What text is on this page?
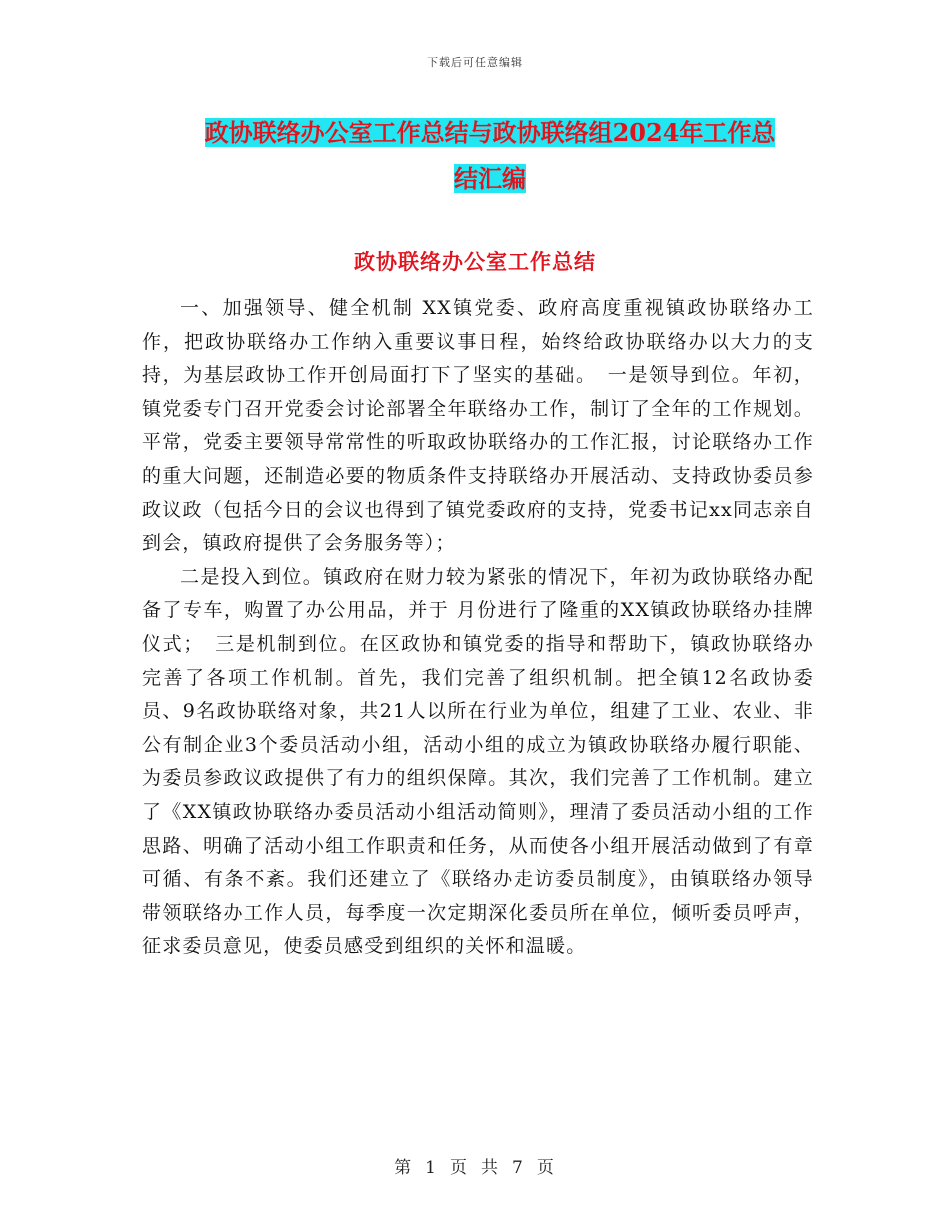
下载后可任意编辑
政协联络办公室工作总结与政协联络组2024年工作总
结汇编
政协联络办公室工作总结

一、加强领导、健全机制 XX镇党委、政府高度重视镇政协联络办工作，把政协联络办工作纳入重要议事日程，始终给政协联络办以大力的支持，为基层政协工作开创局面打下了坚实的基础。　一是领导到位。年初，镇党委专门召开党委会讨论部署全年联络办工作，制订了全年的工作规划。平常，党委主要领导常常性的听取政协联络办的工作汇报，讨论联络办工作的重大问题，还制造必要的物质条件支持联络办开展活动、支持政协委员参政议政（包括今日的会议也得到了镇党委政府的支持，党委书记xx同志亲自到会，镇政府提供了会务服务等）；

二是投入到位。镇政府在财力较为紧张的情况下，年初为政协联络办配备了专车，购置了办公用品，并于 月份进行了隆重的XX镇政协联络办挂牌仪式；　三是机制到位。在区政协和镇党委的指导和帮助下，镇政协联络办完善了各项工作机制。首先，我们完善了组织机制。把全镇12名政协委员、9名政协联络对象，共21人以所在行业为单位，组建了工业、农业、非公有制企业3个委员活动小组，活动小组的成立为镇政协联络办履行职能、为委员参政议政提供了有力的组织保障。其次，我们完善了工作机制。建立了《XX镇政协联络办委员活动小组活动简则》，理清了委员活动小组的工作思路、明确了活动小组工作职责和任务，从而使各小组开展活动做到了有章可循、有条不紊。我们还建立了《联络办走访委员制度》，由镇联络办领导带领联络办工作人员，每季度一次定期深化委员所在单位，倾听委员呼声，征求委员意见，使委员感受到组织的关怀和温暖。

第 1 页 共 7 页
